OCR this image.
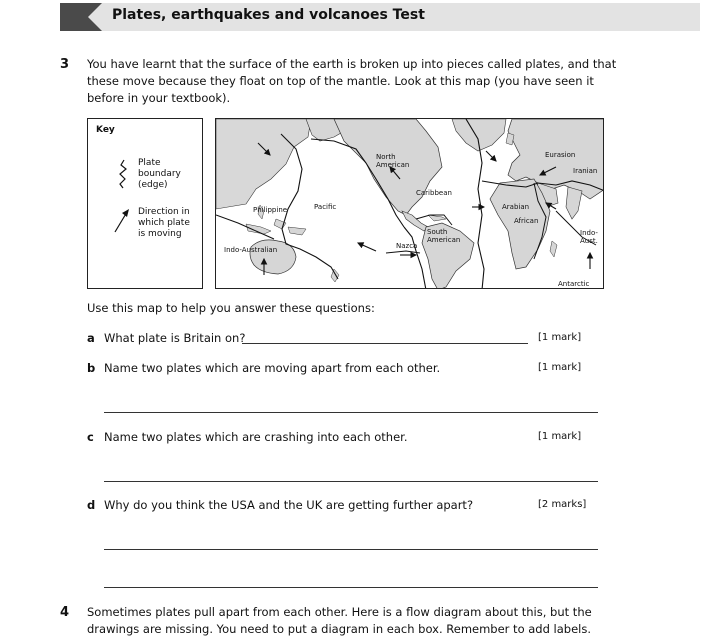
Plates, earthquakes and volcanoes Test
3 You have learnt that the surface of the earth is broken up into pieces called plates, and that
these move because they float on top of the mantle. Look at this map (you have seen it
before in your textbook).
Key
Plate
boundary
(edge)
Direction in
which plate
is moving
North
American
Eurasion
Iranian
Caribbean
Arabian
African
Philippine	Pacific
South
American
Nazca
Indo-Australian
Indo-
Aust.
Antarctic
Use this map to help you answer these questions:
a What plate is Britain on?	[1 mark]
b Name two plates which are moving apart from each other.	[1 mark]
c Name two plates which are crashing into each other.	[1 mark]
d Why do you think the USA and the UK are getting further apart?	[2 marks]
4 Sometimes plates pull apart from each other. Here is a flow diagram about this, but the
drawings are missing. You need to put a diagram in each box. Remember to add labels.
